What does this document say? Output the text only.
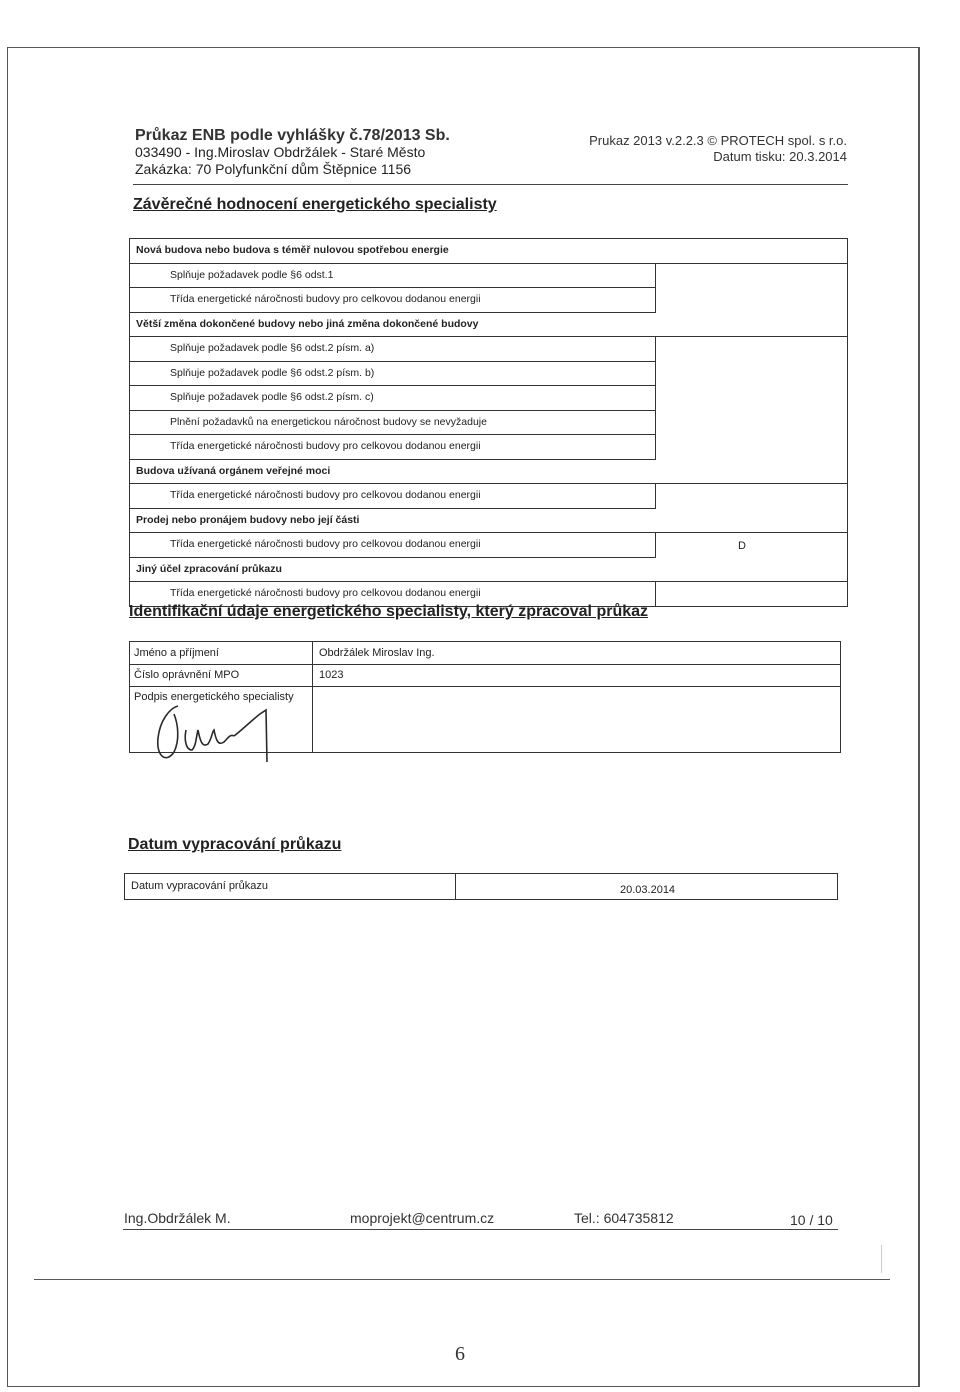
Průkaz ENB podle vyhlášky č.78/2013 Sb.
033490 - Ing.Miroslav Obdržálek - Staré Město
Zakázka: 70 Polyfunkční dům Štěpnice 1156
Prukaz 2013 v.2.2.3 © PROTECH spol. s r.o.
Datum tisku: 20.3.2014
Závěrečné hodnocení energetického specialisty
Nová budova nebo budova s téměř nulovou spotřebou energie
Splňuje požadavek podle §6 odst.1
Třída energetické náročnosti budovy pro celkovou dodanou energii
Větší změna dokončené budovy nebo jiná změna dokončené budovy
Splňuje požadavek podle §6 odst.2 písm. a)
Splňuje požadavek podle §6 odst.2 písm. b)
Splňuje požadavek podle §6 odst.2 písm. c)
Plnění požadavků na energetickou náročnost budovy se nevyžaduje
Třída energetické náročnosti budovy pro celkovou dodanou energii
Budova užívaná orgánem veřejné moci
Třída energetické náročnosti budovy pro celkovou dodanou energii
Prodej nebo pronájem budovy nebo její části
Třída energetické náročnosti budovy pro celkovou dodanou energii	D
Jiný účel zpracování průkazu
Třída energetické náročnosti budovy pro celkovou dodanou energii
Identifikační údaje energetického specialisty, který zpracoval průkaz
Jméno a příjmení	Obdržálek Miroslav Ing.
Číslo oprávnění MPO	1023
Podpis energetického specialisty
Datum vypracování průkazu
Datum vypracování průkazu	20.03.2014
Ing.Obdržálek M.	moprojekt@centrum.cz	Tel.: 604735812	10 / 10
6
